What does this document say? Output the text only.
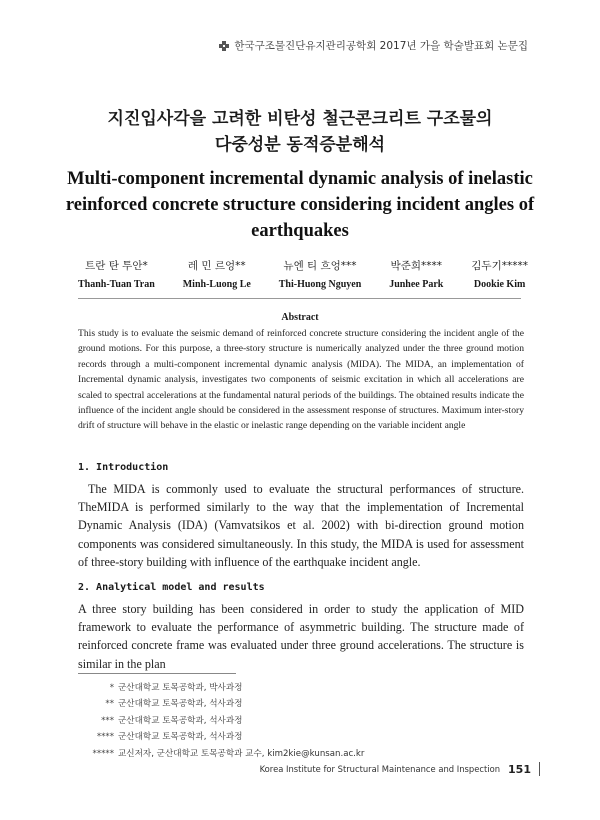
한국구조물진단유지관리공학회 2017년 가을 학술발표회 논문집
지진입사각을 고려한 비탄성 철근콘크리트 구조물의
다중성분 동적증분해석
Multi-component incremental dynamic analysis of inelastic
reinforced concrete structure considering incident angles of
earthquakes
트란 탄 투안*
Thanh-Tuan Tran
레 민 르엉**
Minh-Luong Le
뉴엔 티 흐엉***
Thi-Huong Nguyen
박준희****
Junhee Park
김두기*****
Dookie Kim
Abstract
This study is to evaluate the seismic demand of reinforced concrete structure considering the incident angle of the ground motions. For this purpose, a three-story structure is numerically analyzed under the three ground motion records through a multi-component incremental dynamic analysis (MIDA). The MIDA, an implementation of Incremental dynamic analysis, investigates two components of seismic excitation in which all accelerations are scaled to spectral accelerations at the fundamental natural periods of the buildings. The obtained results indicate the influence of the incident angle should be considered in the assessment response of structures. Maximum inter-story drift of structure will behave in the elastic or inelastic range depending on the variable incident angle
1. Introduction
The MIDA is commonly used to evaluate the structural performances of structure. TheMIDA is performed similarly to the way that the implementation of Incremental Dynamic Analysis (IDA) (Vamvatsikos et al. 2002) with bi-direction ground motion components was considered simultaneously. In this study, the MIDA is used for assessment of three-story building with influence of the earthquake incident angle.
2. Analytical model and results
A three story building has been considered in order to study the application of MID framework to evaluate the performance of asymmetric building. The structure made of reinforced concrete frame was evaluated under three ground accelerations. The structure is similar in the plan
* 군산대학교 토목공학과, 박사과정
** 군산대학교 토목공학과, 석사과정
*** 군산대학교 토목공학과, 석사과정
**** 군산대학교 토목공학과, 석사과정
***** 교신저자, 군산대학교 토목공학과 교수, kim2kie@kunsan.ac.kr
Korea Institute for Structural Maintenance and Inspection 151
